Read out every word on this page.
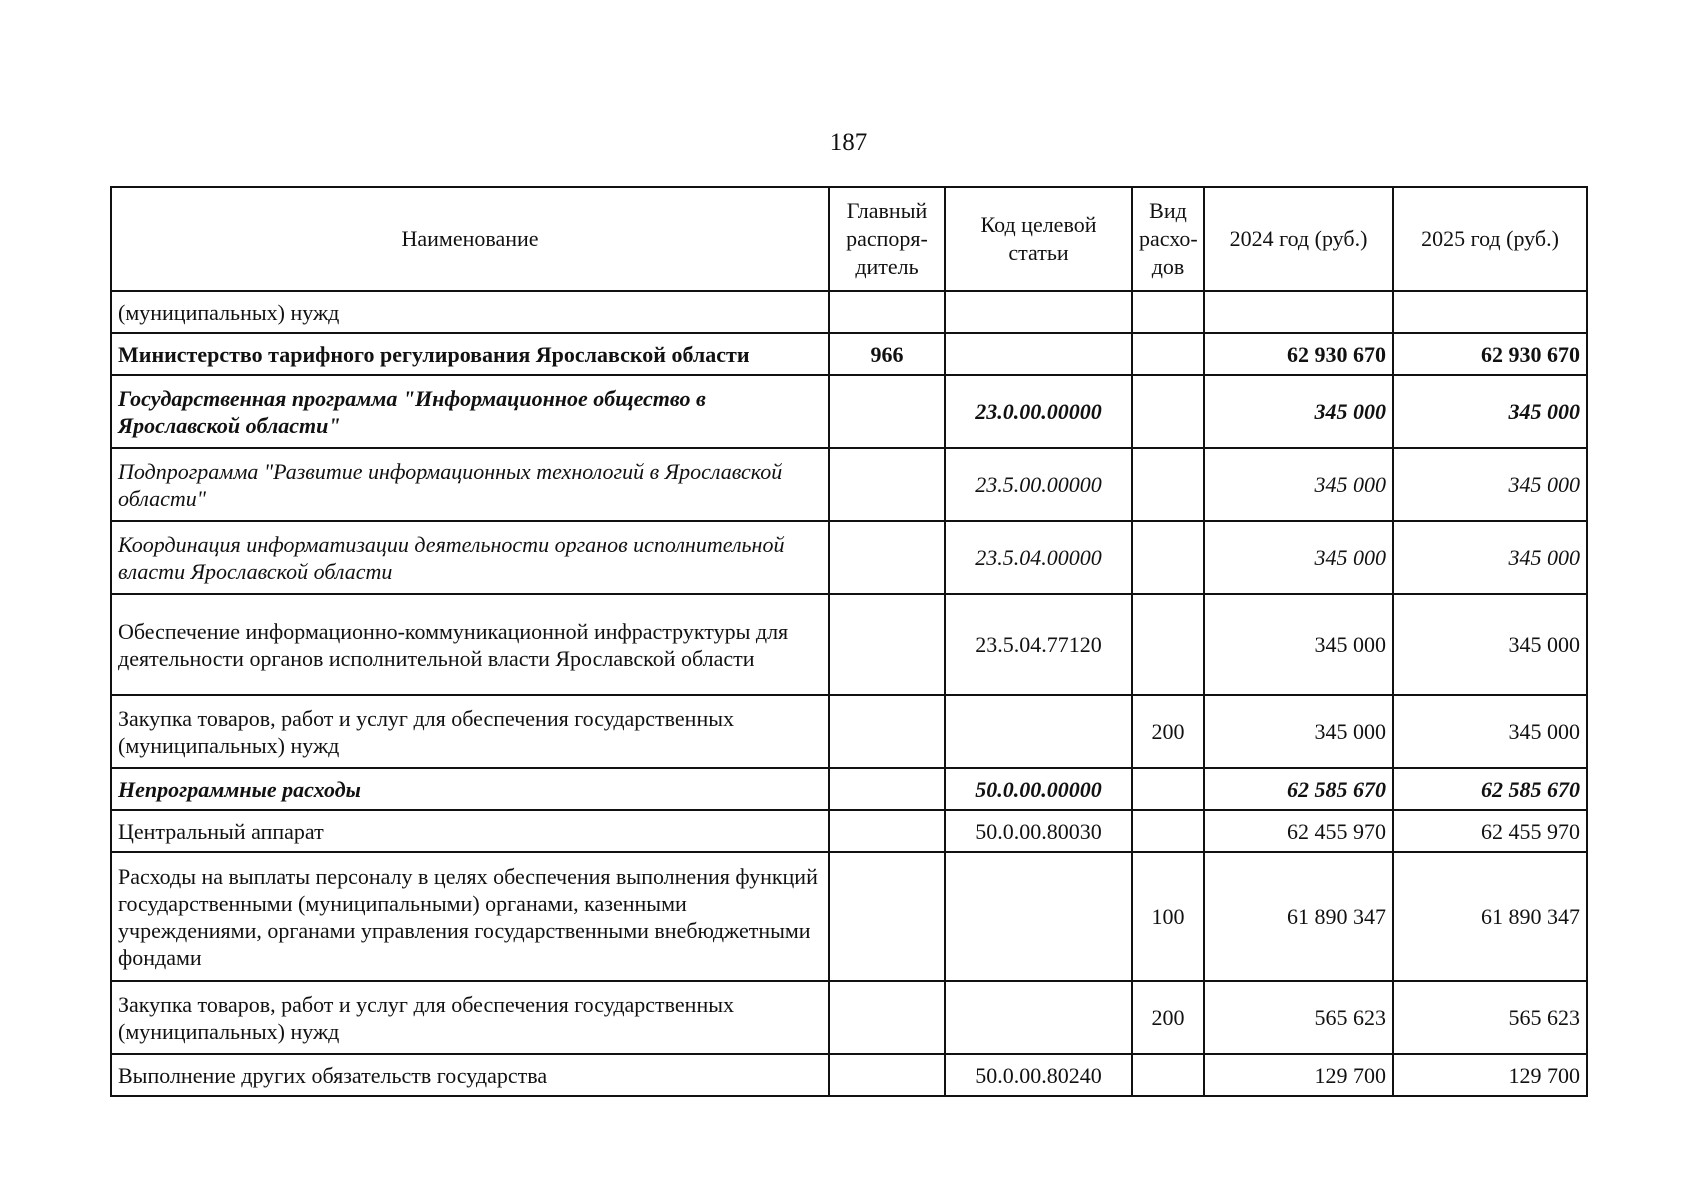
187
Наименование	Главный распоря-дитель	Код целевой статьи	Вид расхо-дов	2024 год (руб.)	2025 год (руб.)
(муниципальных) нужд					
Министерство тарифного регулирования Ярославской области	966			62 930 670	62 930 670
Государственная программа "Информационное общество в Ярославской области"		23.0.00.00000		345 000	345 000
Подпрограмма "Развитие информационных технологий в Ярославской области"		23.5.00.00000		345 000	345 000
Координация информатизации деятельности органов исполнительной власти Ярославской области		23.5.04.00000		345 000	345 000
Обеспечение информационно-коммуникационной инфраструктуры для деятельности органов исполнительной власти Ярославской области		23.5.04.77120		345 000	345 000
Закупка товаров, работ и услуг для обеспечения государственных (муниципальных) нужд			200	345 000	345 000
Непрограммные расходы		50.0.00.00000		62 585 670	62 585 670
Центральный аппарат		50.0.00.80030		62 455 970	62 455 970
Расходы на выплаты персоналу в целях обеспечения выполнения функций государственными (муниципальными) органами, казенными учреждениями, органами управления государственными внебюджетными фондами			100	61 890 347	61 890 347
Закупка товаров, работ и услуг для обеспечения государственных (муниципальных) нужд			200	565 623	565 623
Выполнение других обязательств государства		50.0.00.80240		129 700	129 700
